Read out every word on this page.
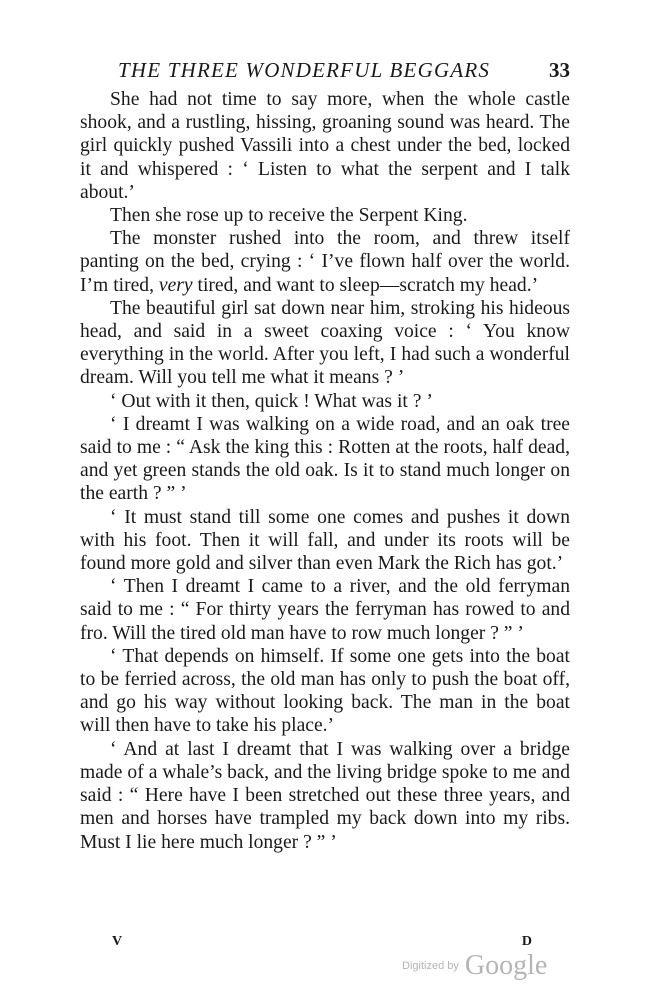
THE THREE WONDERFUL BEGGARS	33

She had not time to say more, when the whole castle shook, and a rustling, hissing, groaning sound was heard. The girl quickly pushed Vassili into a chest under the bed, locked it and whispered : ‘ Listen to what the serpent and I talk about.’

Then she rose up to receive the Serpent King.

The monster rushed into the room, and threw itself panting on the bed, crying : ‘ I’ve flown half over the world. I’m tired, very tired, and want to sleep—scratch my head.’

The beautiful girl sat down near him, stroking his hideous head, and said in a sweet coaxing voice : ‘ You know everything in the world. After you left, I had such a wonderful dream. Will you tell me what it means ? ’

‘ Out with it then, quick ! What was it ? ’

‘ I dreamt I was walking on a wide road, and an oak tree said to me : “ Ask the king this : Rotten at the roots, half dead, and yet green stands the old oak. Is it to stand much longer on the earth ? ” ’

‘ It must stand till some one comes and pushes it down with his foot. Then it will fall, and under its roots will be found more gold and silver than even Mark the Rich has got.’

‘ Then I dreamt I came to a river, and the old ferryman said to me : “ For thirty years the ferryman has rowed to and fro. Will the tired old man have to row much longer ? ” ’

‘ That depends on himself. If some one gets into the boat to be ferried across, the old man has only to push the boat off, and go his way without looking back. The man in the boat will then have to take his place.’

‘ And at last I dreamt that I was walking over a bridge made of a whale’s back, and the living bridge spoke to me and said : “ Here have I been stretched out these three years, and men and horses have trampled my back down into my ribs. Must I lie here much longer ? ” ’

V	D
Digitized by Google
